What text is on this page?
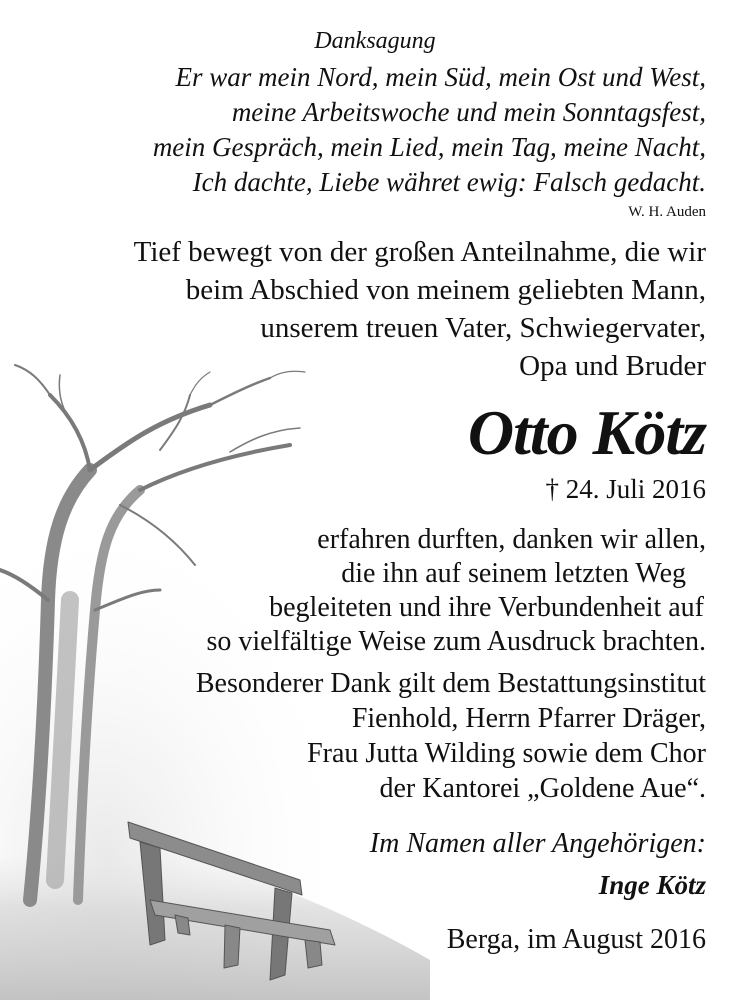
Danksagung
Er war mein Nord, mein Süd, mein Ost und West,
meine Arbeitswoche und mein Sonntagsfest,
mein Gespräch, mein Lied, mein Tag, meine Nacht,
Ich dachte, Liebe währet ewig: Falsch gedacht.
W. H. Auden
Tief bewegt von der großen Anteilnahme, die wir
beim Abschied von meinem geliebten Mann,
unserem treuen Vater, Schwiegervater,
Opa und Bruder
Otto Kötz
† 24. Juli 2016
erfahren durften, danken wir allen,
die ihn auf seinem letzten Weg
begleiteten und ihre Verbundenheit auf
so vielfältige Weise zum Ausdruck brachten.
Besonderer Dank gilt dem Bestattungsinstitut
Fienhold, Herrn Pfarrer Dräger,
Frau Jutta Wilding sowie dem Chor
der Kantorei „Goldene Aue“.
Im Namen aller Angehörigen:
Inge Kötz
Berga, im August 2016
